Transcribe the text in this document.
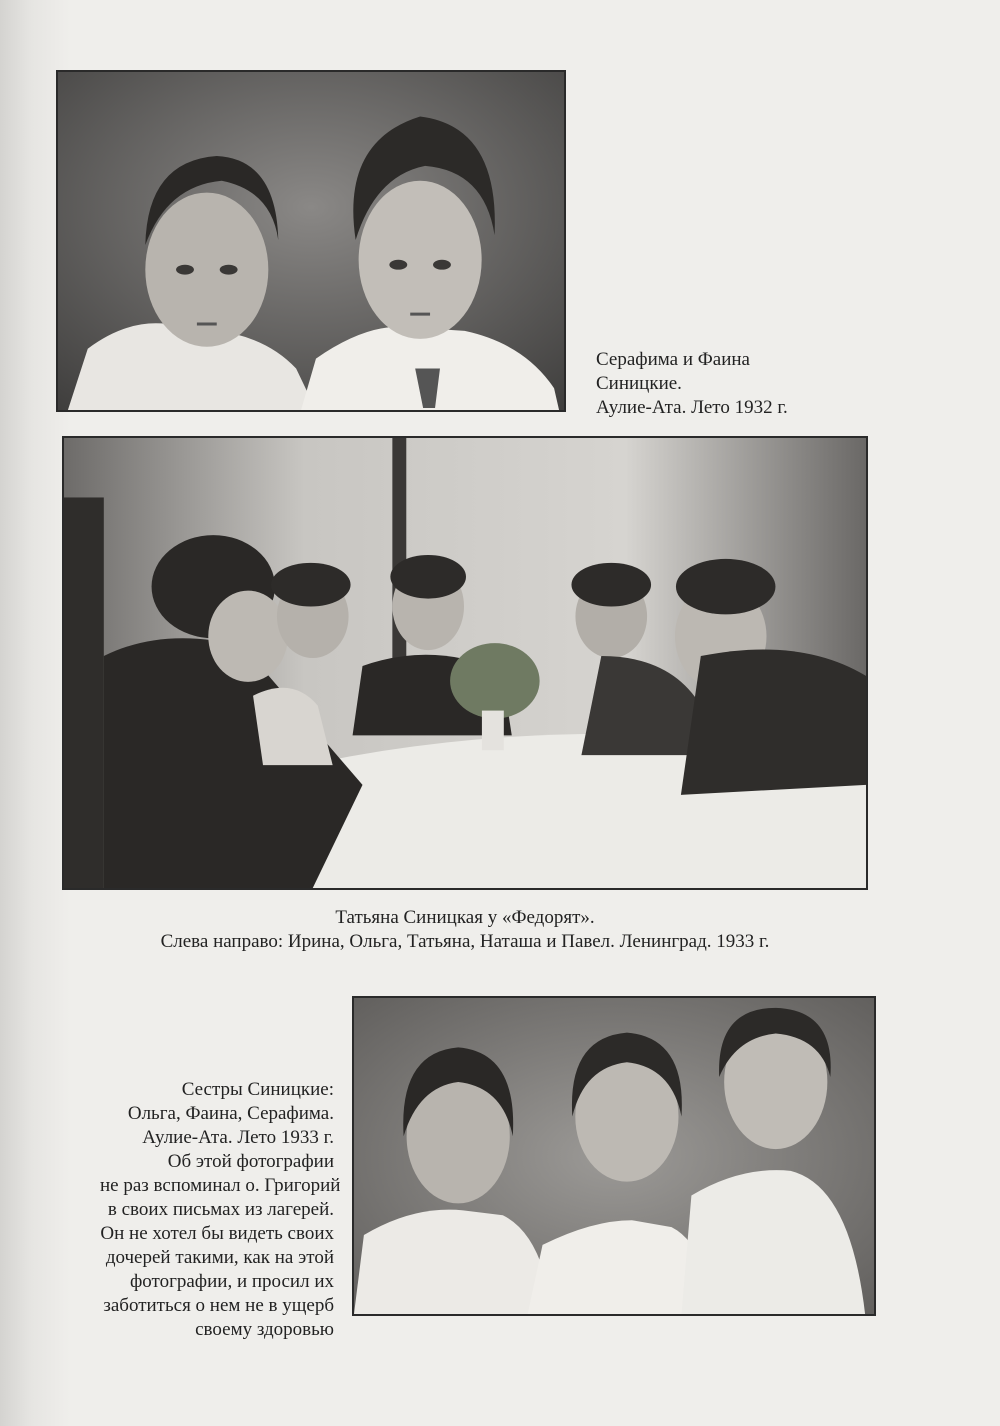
Серафима и Фаина
Синицкие.
Аулие-Ата. Лето 1932 г.
Татьяна Синицкая у «Федорят».
Слева направо: Ирина, Ольга, Татьяна, Наташа и Павел. Ленинград. 1933 г.
Сестры Синицкие:
Ольга, Фаина, Серафима.
Аулие-Ата. Лето 1933 г.
Об этой фотографии
не раз вспоминал о. Григорий
в своих письмах из лагерей.
Он не хотел бы видеть своих
дочерей такими, как на этой
фотографии, и просил их
заботиться о нем не в ущерб
своему здоровью
